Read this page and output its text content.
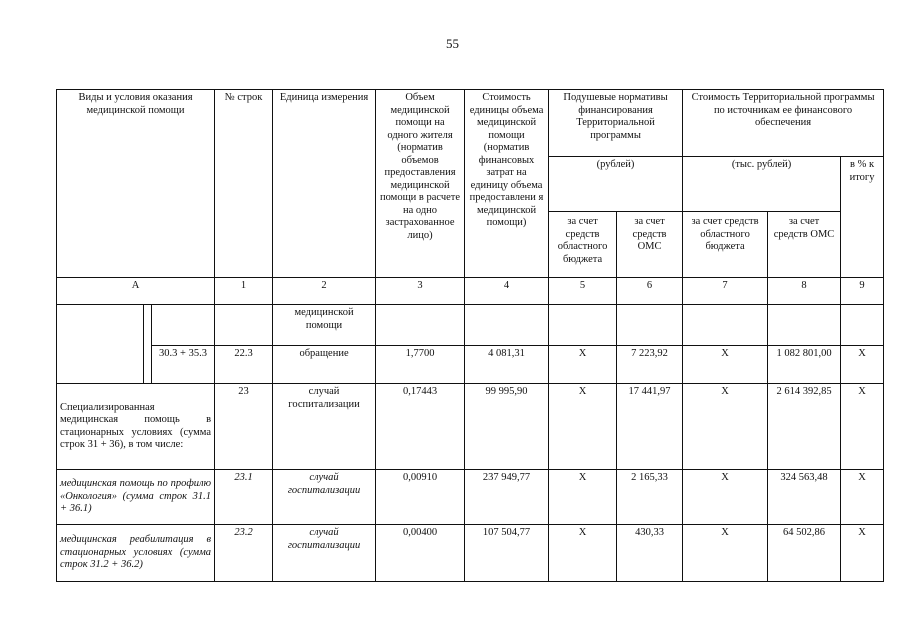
55
Виды и условия оказания медицинской помощи			№ строк	Единица измерения	Объем медицинской помощи на одного жителя (норматив объемов предоставления медицинской помощи в расчете на одно застрахованное лицо)	Стоимость единицы объема медицинской помощи (норматив финансовых затрат на единицу объема предоставлени я медицинской помощи)	Подушевые нормативы финансирования Территориальной программы		Стоимость Территориальной программы по источникам ее финансового обеспечения		
							(рублей)		(тыс. рублей)		в % к итогу
							за счет средств областного бюджета	за счет средств ОМС	за счет средств областного бюджета	за счет средств ОМС	
А			1	2	3	4	5	6	7	8	9
				медицинской помощи							
		30.3 + 35.3	22.3	обращение	1,7700	4 081,31	Х	7 223,92	Х	1 082 801,00	Х
Специализированная медицинская помощь в стационарных условиях (сумма строк 31 + 36), в том числе:			23	случай госпитализации	0,17443	99 995,90	Х	17 441,97	Х	2 614 392,85	Х
медицинская помощь по профилю «Онкология» (сумма строк 31.1 + 36.1)			23.1	случай госпитализации	0,00910	237 949,77	Х	2 165,33	Х	324 563,48	Х
медицинская реабилитация в стационарных условиях (сумма строк 31.2 + 36.2)			23.2	случай госпитализации	0,00400	107 504,77	Х	430,33	Х	64 502,86	Х
